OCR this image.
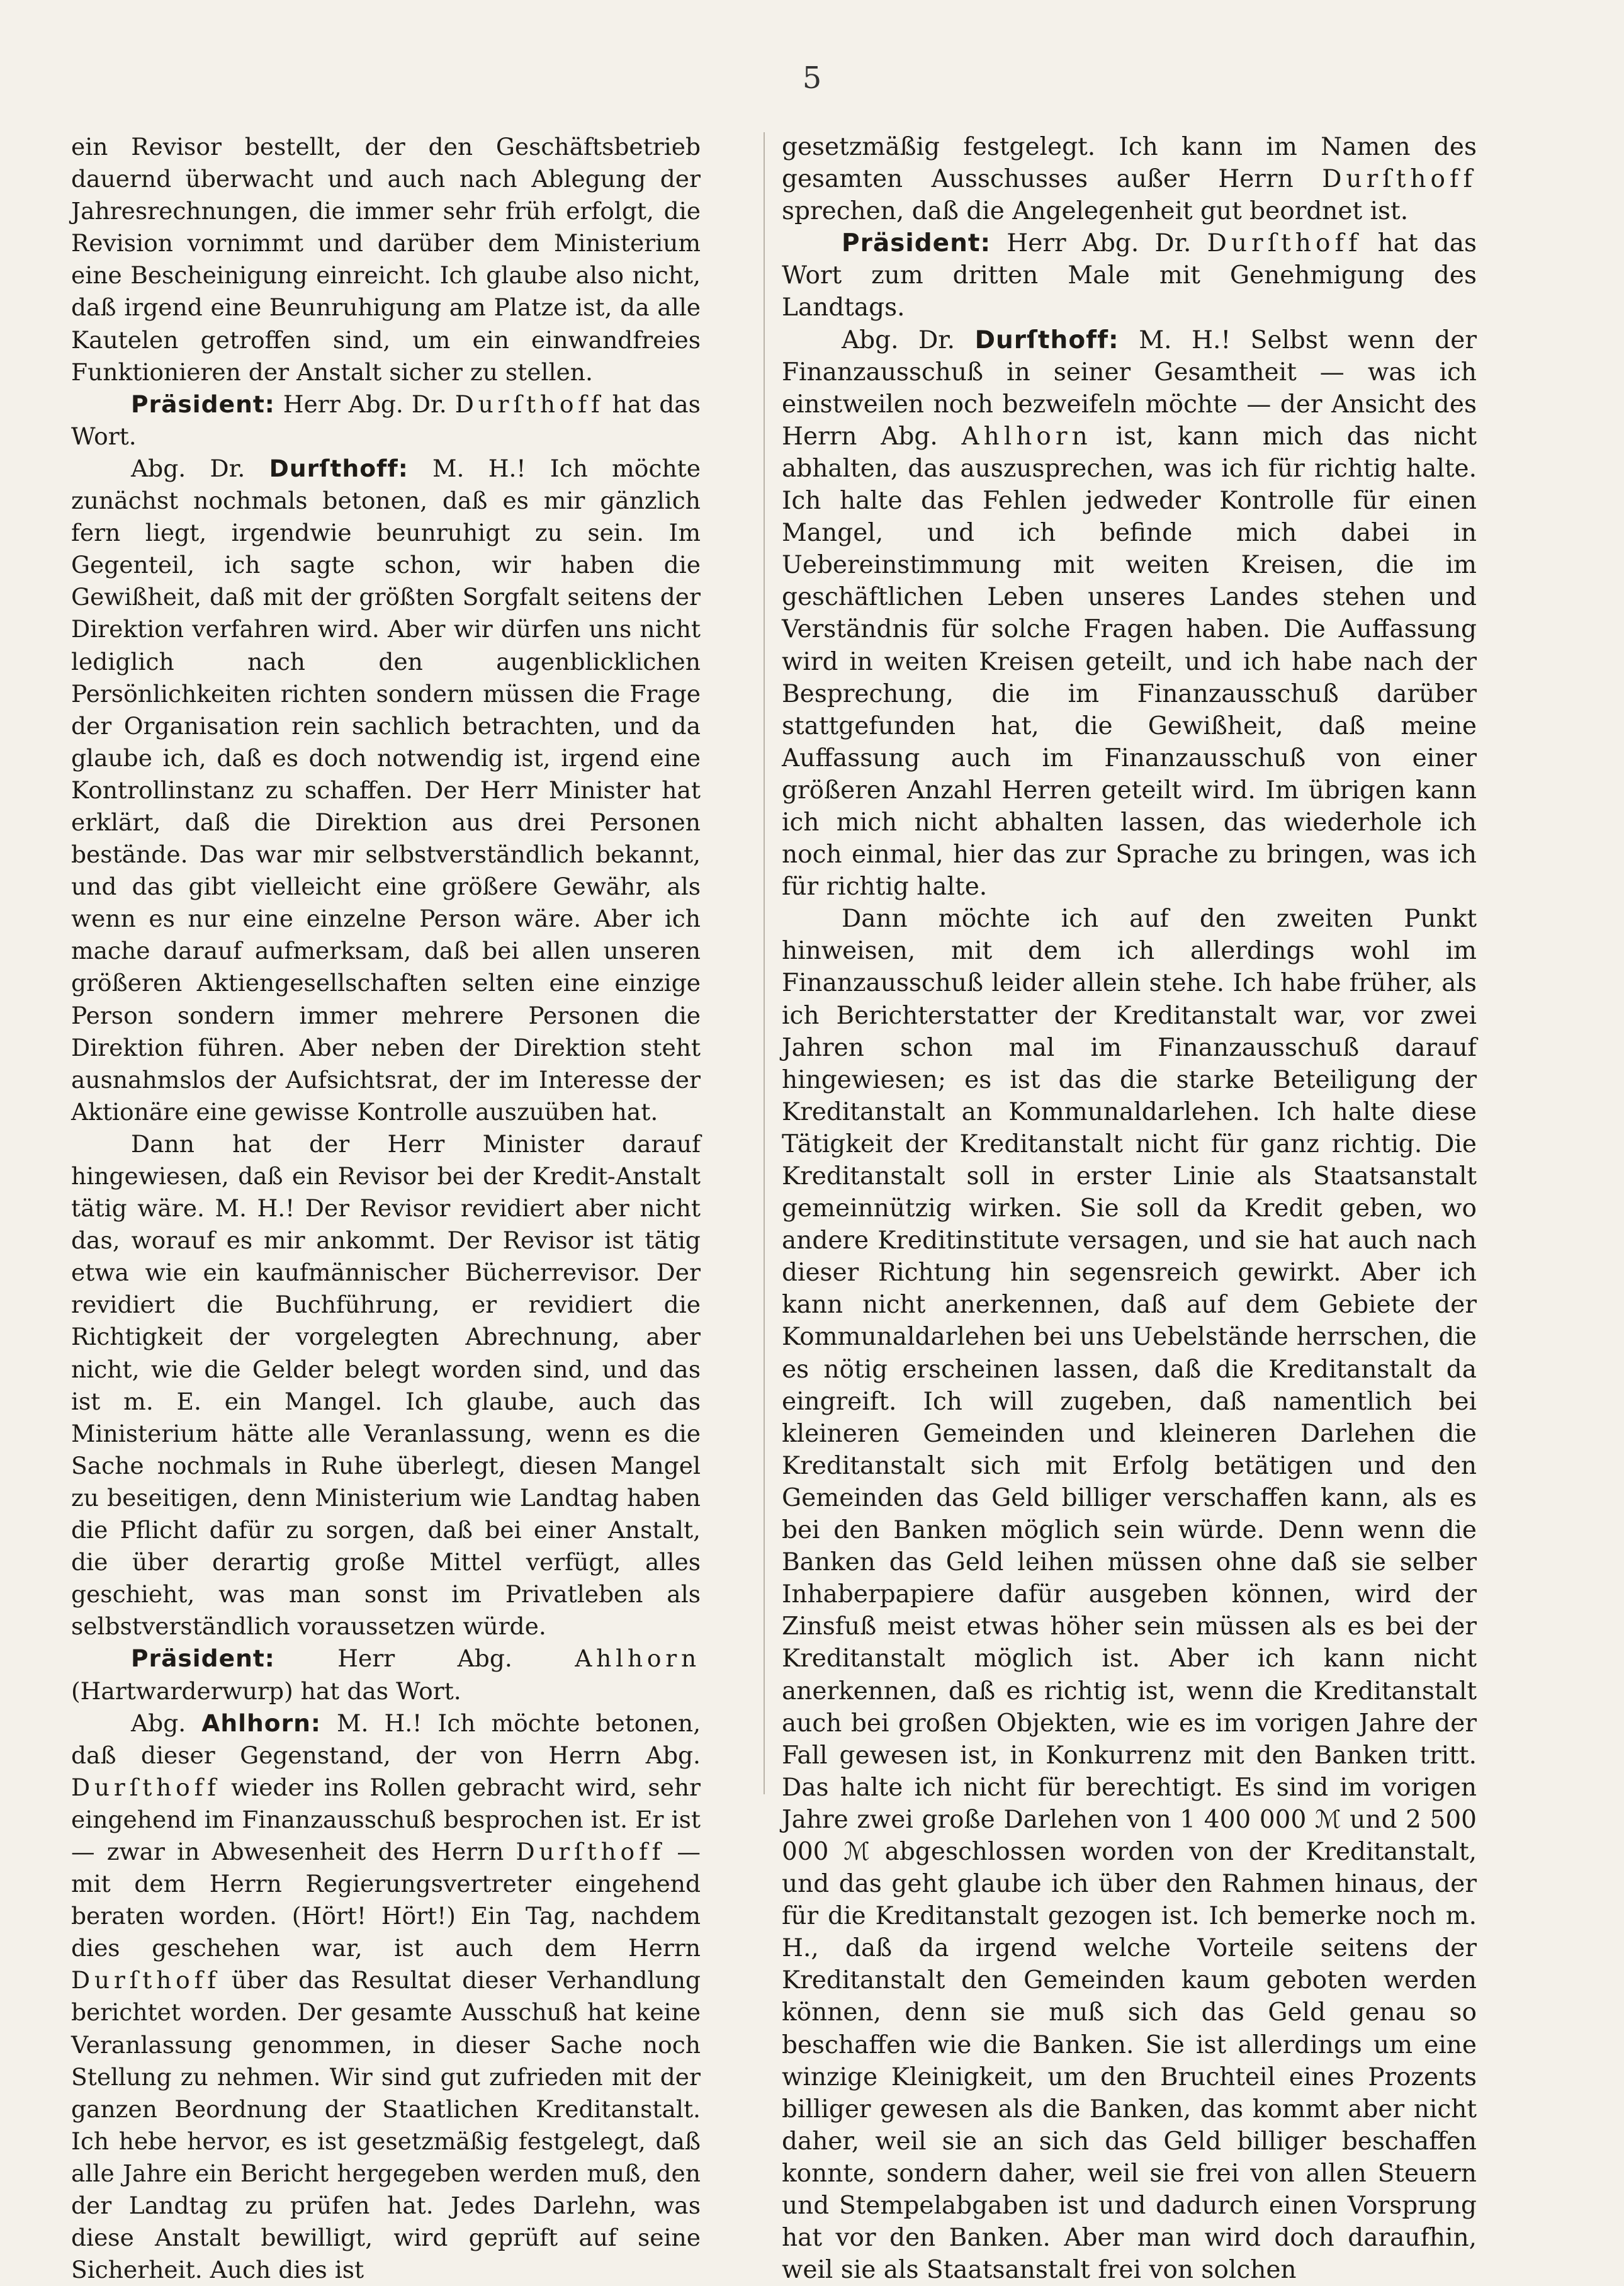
5

ein Revisor bestellt, der den Geschäftsbetrieb dauernd überwacht und auch nach Ablegung der Jahresrechnungen, die immer sehr früh erfolgt, die Revision vornimmt und darüber dem Ministerium eine Bescheinigung einreicht. Ich glaube also nicht, daß irgend eine Beunruhigung am Platze ist, da alle Kautelen getroffen sind, um ein einwandfreies Funktionieren der Anstalt sicher zu stellen.

Präsident: Herr Abg. Dr. Durſthoff hat das Wort.

Abg. Dr. Durſthoff: M. H.! Ich möchte zunächst nochmals betonen, daß es mir gänzlich fern liegt, irgendwie beunruhigt zu sein. Im Gegenteil, ich sagte schon, wir haben die Gewißheit, daß mit der größten Sorgfalt seitens der Direktion verfahren wird. Aber wir dürfen uns nicht lediglich nach den augenblicklichen Persönlichkeiten richten sondern müssen die Frage der Organisation rein sachlich betrachten, und da glaube ich, daß es doch notwendig ist, irgend eine Kontrollinstanz zu schaffen. Der Herr Minister hat erklärt, daß die Direktion aus drei Personen bestände. Das war mir selbstverständlich bekannt, und das gibt vielleicht eine größere Gewähr, als wenn es nur eine einzelne Person wäre. Aber ich mache darauf aufmerksam, daß bei allen unseren größeren Aktiengesellschaften selten eine einzige Person sondern immer mehrere Personen die Direktion führen. Aber neben der Direktion steht ausnahmslos der Aufsichtsrat, der im Interesse der Aktionäre eine gewisse Kontrolle auszuüben hat.

Dann hat der Herr Minister darauf hingewiesen, daß ein Revisor bei der Kredit-Anstalt tätig wäre. M. H.! Der Revisor revidiert aber nicht das, worauf es mir ankommt. Der Revisor ist tätig etwa wie ein kaufmännischer Bücherrevisor. Der revidiert die Buchführung, er revidiert die Richtigkeit der vorgelegten Abrechnung, aber nicht, wie die Gelder belegt worden sind, und das ist m. E. ein Mangel. Ich glaube, auch das Ministerium hätte alle Veranlassung, wenn es die Sache nochmals in Ruhe überlegt, diesen Mangel zu beseitigen, denn Ministerium wie Landtag haben die Pflicht dafür zu sorgen, daß bei einer Anstalt, die über derartig große Mittel verfügt, alles geschieht, was man sonst im Privatleben als selbstverständlich voraussetzen würde.

Präsident:	Herr Abg.	Ahlhorn (Hartwarderwurp) hat das Wort.

Abg. Ahlhorn: M. H.! Ich möchte betonen, daß dieser Gegenstand, der von Herrn Abg. Durſthoff wieder ins Rollen gebracht wird, sehr eingehend im Finanzausschuß besprochen ist. Er ist — zwar in Abwesenheit des Herrn Durſthoff — mit dem Herrn Regierungsvertreter eingehend beraten worden. (Hört! Hört!) Ein Tag, nachdem dies geschehen war, ist auch dem Herrn Durſthoff über das Resultat dieser Verhandlung berichtet worden. Der gesamte Ausschuß hat keine Veranlassung genommen, in dieser Sache noch Stellung zu nehmen. Wir sind gut zufrieden mit der ganzen Beordnung der Staatlichen Kreditanstalt. Ich hebe hervor, es ist gesetzmäßig festgelegt, daß alle Jahre ein Bericht hergegeben werden muß, den der Landtag zu prüfen hat. Jedes Darlehn, was diese Anstalt bewilligt, wird geprüft auf seine Sicherheit. Auch dies ist

gesetzmäßig festgelegt. Ich kann im Namen des gesamten Ausschusses außer Herrn Durſthoff sprechen, daß die Angelegenheit gut beordnet ist.

Präsident: Herr Abg. Dr. Durſthoff hat das Wort zum dritten Male mit Genehmigung des Landtags.

Abg. Dr. Durſthoff: M. H.! Selbst wenn der Finanzausschuß in seiner Gesamtheit — was ich einstweilen noch bezweifeln möchte — der Ansicht des Herrn Abg. Ahlhorn ist, kann mich das nicht abhalten, das auszusprechen, was ich für richtig halte. Ich halte das Fehlen jedweder Kontrolle für einen Mangel, und ich befinde mich dabei in Uebereinstimmung mit weiten Kreisen, die im geschäftlichen Leben unseres Landes stehen und Verständnis für solche Fragen haben. Die Auffassung wird in weiten Kreisen geteilt, und ich habe nach der Besprechung, die im Finanzausschuß darüber stattgefunden hat, die Gewißheit, daß meine Auffassung auch im Finanzausschuß von einer größeren Anzahl Herren geteilt wird. Im übrigen kann ich mich nicht abhalten lassen, das wiederhole ich noch einmal, hier das zur Sprache zu bringen, was ich für richtig halte.

Dann möchte ich auf den zweiten Punkt hinweisen, mit dem ich allerdings wohl im Finanzausschuß leider allein stehe. Ich habe früher, als ich Berichterstatter der Kreditanstalt war, vor zwei Jahren schon mal im Finanzausschuß darauf hingewiesen; es ist das die starke Beteiligung der Kreditanstalt an Kommunaldarlehen. Ich halte diese Tätigkeit der Kreditanstalt nicht für ganz richtig. Die Kreditanstalt soll in erster Linie als Staatsanstalt gemeinnützig wirken. Sie soll da Kredit geben, wo andere Kreditinstitute versagen, und sie hat auch nach dieser Richtung hin segensreich gewirkt. Aber ich kann nicht anerkennen, daß auf dem Gebiete der Kommunaldarlehen bei uns Uebelstände herrschen, die es nötig erscheinen lassen, daß die Kreditanstalt da eingreift. Ich will zugeben, daß namentlich bei kleineren Gemeinden und kleineren Darlehen die Kreditanstalt sich mit Erfolg betätigen und den Gemeinden das Geld billiger verschaffen kann, als es bei den Banken möglich sein würde. Denn wenn die Banken das Geld leihen müssen ohne daß sie selber Inhaberpapiere dafür ausgeben können, wird der Zinsfuß meist etwas höher sein müssen als es bei der Kreditanstalt möglich ist. Aber ich kann nicht anerkennen, daß es richtig ist, wenn die Kreditanstalt auch bei großen Objekten, wie es im vorigen Jahre der Fall gewesen ist, in Konkurrenz mit den Banken tritt. Das halte ich nicht für berechtigt. Es sind im vorigen Jahre zwei große Darlehen von 1 400 000 ℳ und 2 500 000 ℳ abgeschlossen worden von der Kreditanstalt, und das geht glaube ich über den Rahmen hinaus, der für die Kreditanstalt gezogen ist. Ich bemerke noch m. H., daß da irgend welche Vorteile seitens der Kreditanstalt den Gemeinden kaum geboten werden können, denn sie muß sich das Geld genau so beschaffen wie die Banken. Sie ist allerdings um eine winzige Kleinigkeit, um den Bruchteil eines Prozents billiger gewesen als die Banken, das kommt aber nicht daher, weil sie an sich das Geld billiger beschaffen konnte, sondern daher, weil sie frei von allen Steuern und Stempelabgaben ist und dadurch einen Vorsprung hat vor den Banken. Aber man wird doch daraufhin, weil sie als Staatsanstalt frei von solchen
